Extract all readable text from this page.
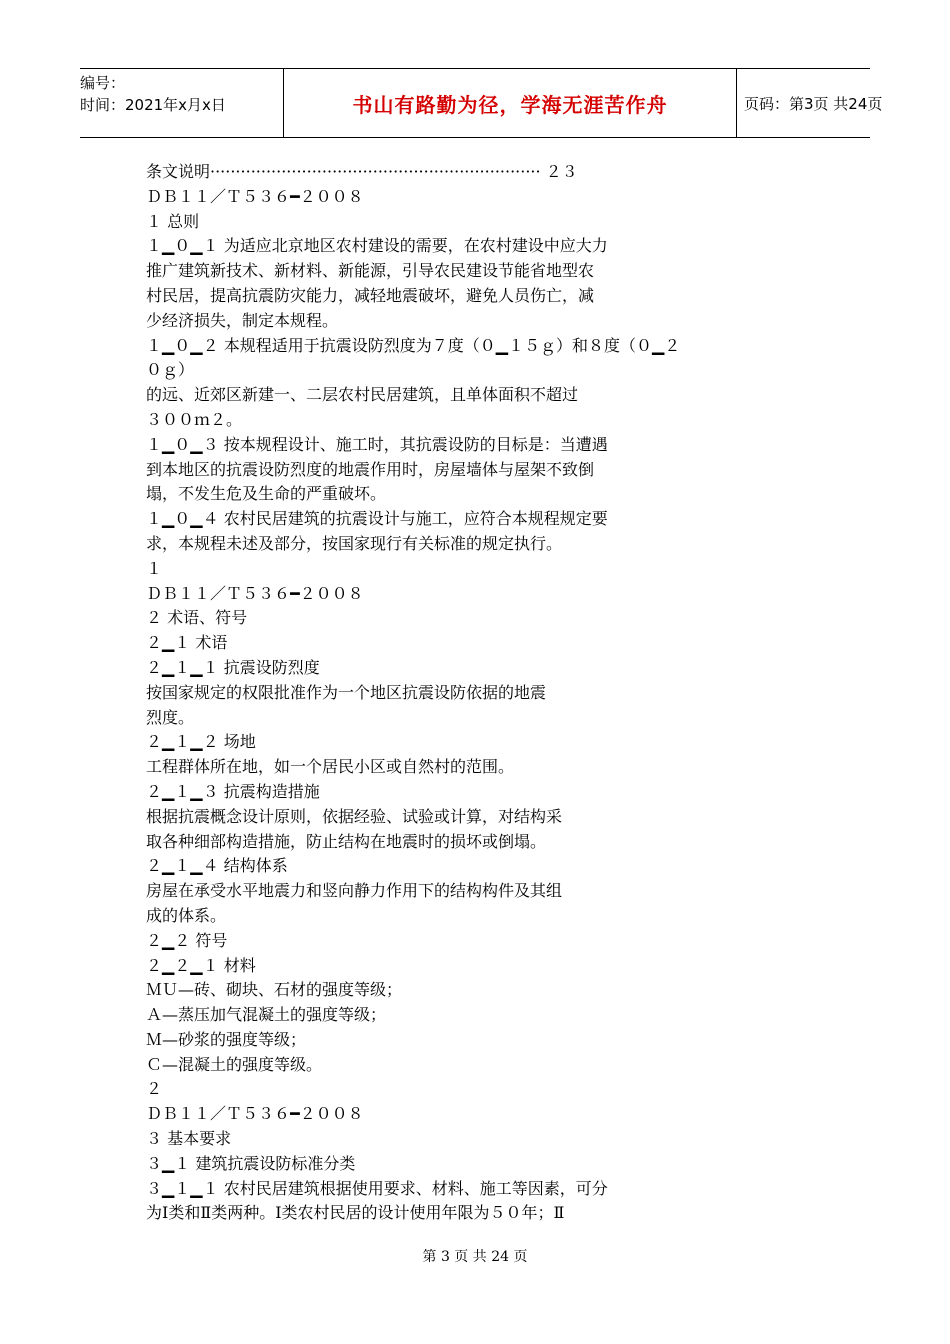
编号：
时间：2021年x月x日	书山有路勤为径，学海无涯苦作舟	页码：第3页 共24页
条文说明································································· ２３
ＤＢ１１／Ｔ５３６━２００８
１ 总则
１▁０▁１ 为适应北京地区农村建设的需要，在农村建设中应大力
推广建筑新技术、新材料、新能源，引导农民建设节能省地型农
村民居，提高抗震防灾能力，减轻地震破坏，避免人员伤亡，减
少经济损失，制定本规程。
１▁０▁２ 本规程适用于抗震设防烈度为７度（０▁１５ｇ）和８度（０▁２
０ｇ）
的远、近郊区新建一、二层农村民居建筑，且单体面积不超过
３００ｍ２。
１▁０▁３ 按本规程设计、施工时，其抗震设防的目标是：当遭遇
到本地区的抗震设防烈度的地震作用时，房屋墙体与屋架不致倒
塌，不发生危及生命的严重破坏。
１▁０▁４ 农村民居建筑的抗震设计与施工，应符合本规程规定要
求，本规程未述及部分，按国家现行有关标准的规定执行。
１
ＤＢ１１／Ｔ５３６━２００８
２ 术语、符号
２▁１ 术语
２▁１▁１ 抗震设防烈度
按国家规定的权限批准作为一个地区抗震设防依据的地震
烈度。
２▁１▁２ 场地
工程群体所在地，如一个居民小区或自然村的范围。
２▁１▁３ 抗震构造措施
根据抗震概念设计原则，依据经验、试验或计算，对结构采
取各种细部构造措施，防止结构在地震时的损坏或倒塌。
２▁１▁４ 结构体系
房屋在承受水平地震力和竖向静力作用下的结构构件及其组
成的体系。
２▁２ 符号
２▁２▁１ 材料
ＭＵ—砖、砌块、石材的强度等级；
Ａ—蒸压加气混凝土的强度等级；
Ｍ—砂浆的强度等级；
Ｃ—混凝土的强度等级。
２
ＤＢ１１／Ｔ５３６━２００８
３ 基本要求
３▁１ 建筑抗震设防标准分类
３▁１▁１ 农村民居建筑根据使用要求、材料、施工等因素，可分
为Ⅰ类和Ⅱ类两种。Ⅰ类农村民居的设计使用年限为５０年；Ⅱ
第 3 页 共 24 页
